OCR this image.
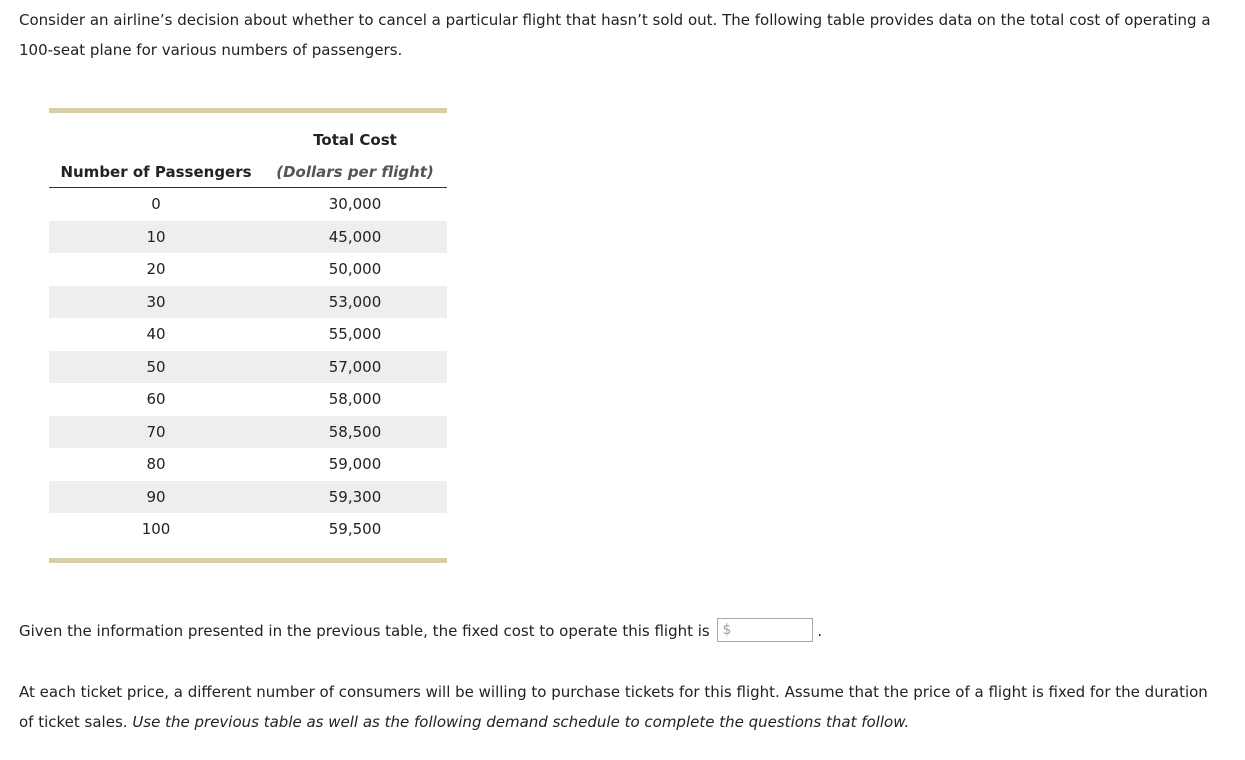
Consider an airline’s decision about whether to cancel a particular flight that hasn’t sold out. The following table provides data on the total cost of operating a 100-seat plane for various numbers of passengers.

	Total Cost
Number of Passengers	(Dollars per flight)
0	30,000
10	45,000
20	50,000
30	53,000
40	55,000
50	57,000
60	58,000
70	58,500
80	59,000
90	59,300
100	59,500

Given the information presented in the previous table, the fixed cost to operate this flight is $	.

At each ticket price, a different number of consumers will be willing to purchase tickets for this flight. Assume that the price of a flight is fixed for the duration of ticket sales. Use the previous table as well as the following demand schedule to complete the questions that follow.
